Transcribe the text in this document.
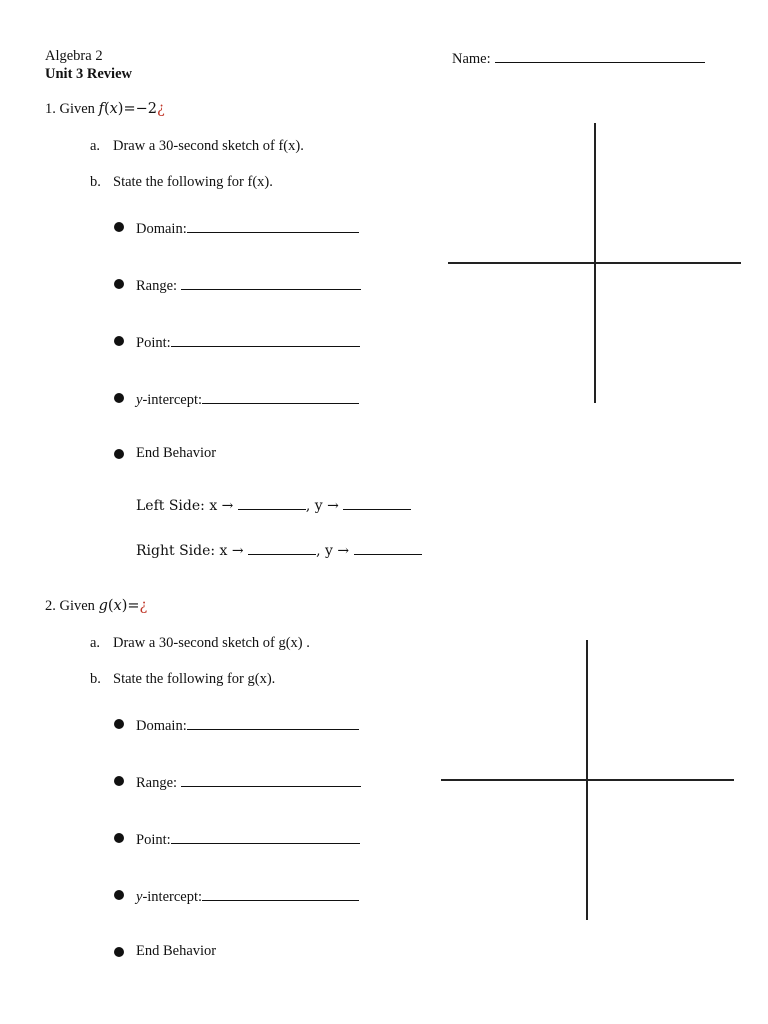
Algebra 2
Unit 3 Review
Name:
1. Given f(x)=−2¿
a. Draw a 30-second sketch of f(x).
b. State the following for f(x).
Domain:
Range:
Point:
y-intercept:
End Behavior
Left Side: x →	, y →
Right Side: x →	, y →
2. Given g(x)=¿
a. Draw a 30-second sketch of g(x) .
b. State the following for g(x).
Domain:
Range:
Point:
y-intercept:
End Behavior
